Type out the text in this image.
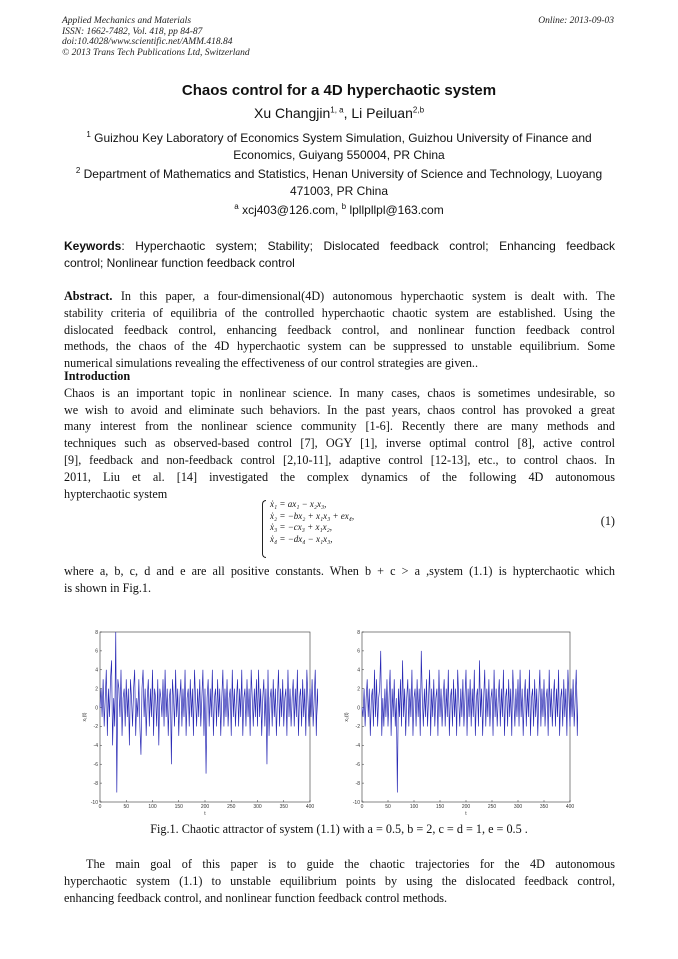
Applied Mechanics and Materials
ISSN: 1662-7482, Vol. 418, pp 84-87
doi:10.4028/www.scientific.net/AMM.418.84
© 2013 Trans Tech Publications Ltd, Switzerland
Online: 2013-09-03
Chaos control for a 4D hyperchaotic system
Xu Changjin$^{1, a}$, Li Peiluan$^{2,b}$
$^1$ Guizhou Key Laboratory of Economics System Simulation, Guizhou University of Finance and
Economics, Guiyang 550004, PR China
$^2$ Department of Mathematics and Statistics, Henan University of Science and Technology, Luoyang
471003, PR China
$^a$ xcj403@126.com, $^b$ lpllpllpl@163.com
Keywords: Hyperchaotic system; Stability; Dislocated feedback control; Enhancing feedback
control; Nonlinear function feedback control
Abstract. In this paper, a four-dimensional(4D) autonomous hyperchaotic system is dealt with. The
stability criteria of equilibria of the controlled hyperchaotic chaotic system are established. Using the
dislocated feedback control, enhancing feedback control, and nonlinear function feedback control
methods, the chaos of the 4D hyperchaotic system can be suppressed to unstable equilibrium. Some
numerical simulations revealing the effectiveness of our control strategies are given..
Introduction
Chaos is an important topic in nonlinear science. In many cases, chaos is sometimes undesirable, so
we wish to avoid and eliminate such behaviors. In the past years, chaos control has provoked a great
many interest from the nonlinear science community [1-6]. Recently there are many methods and
techniques such as observed-based control [7], OGY [1], inverse optimal control [8], active control
[9], feedback and non-feedback control [2,10-11], adaptive control [12-13], etc., to control chaos. In
2011, Liu et al. [14] investigated the complex dynamics of the following 4D autonomous
hypterchaotic system
ẋ₁ = ax₁ − x₂x₃,
ẋ₂ = −bx₂ + x₁x₃ + ex₄,
ẋ₃ = −cx₃ + x₁x₂,
ẋ₄ = −dx₄ − x₁x₃,
(1)
where a, b, c, d and e are all positive constants. When b + c > a ,system (1.1) is hypterchaotic which
is shown in Fig.1.
8
6
4
2
0
-2
-4
-6
-8
-10
0	50	100	150	200	250	300	350	400
t
x₁(t)
8
6
4
2
0
-2
-4
-6
-8
-10
0	50	100	150	200	250	300	350	400
t
x₂(t)
Fig.1. Chaotic attractor of system (1.1) with a = 0.5, b = 2, c = d = 1, e = 0.5 .
The main goal of this paper is to guide the chaotic trajectories for the 4D autonomous
hyperchaotic system (1.1) to unstable equilibrium points by using the dislocated feedback control,
enhancing feedback control, and nonlinear function feedback control methods.
